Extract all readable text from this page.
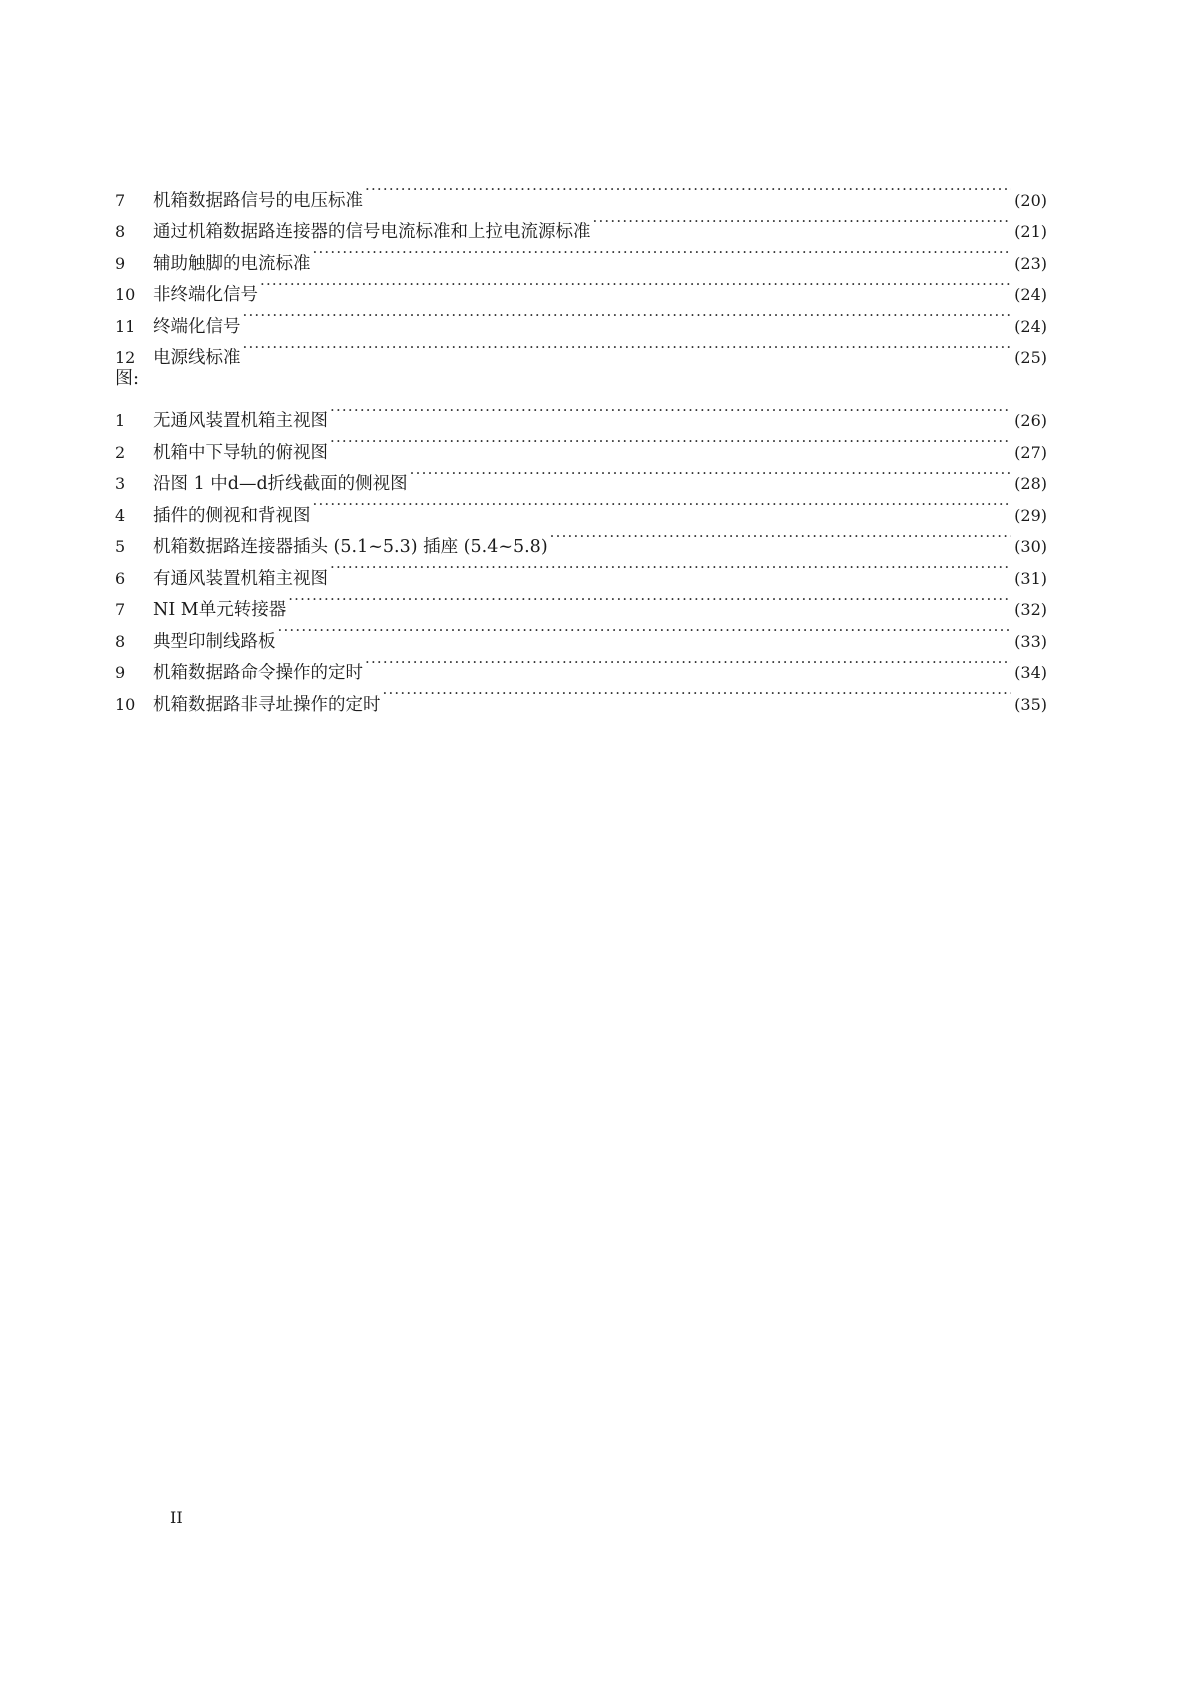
7	机箱数据路信号的电压标准 ·····	(20)
8	通过机箱数据路连接器的信号电流标准和上拉电流源标准 ·····	(21)
9	辅助触脚的电流标准 ·····	(23)
10	非终端化信号 ·····	(24)
11	终端化信号 ·····	(24)
12	电源线标准 ·····	(25)
图:
1	无通风装置机箱主视图 ·····	(26)
2	机箱中下导轨的俯视图 ·····	(27)
3	沿图 1 中d—d折线截面的侧视图 ·····	(28)
4	插件的侧视和背视图 ·····	(29)
5	机箱数据路连接器插头 (5.1~5.3) 插座 (5.4~5.8) ·····	(30)
6	有通风装置机箱主视图 ·····	(31)
7	NI M单元转接器 ·····	(32)
8	典型印制线路板 ·····	(33)
9	机箱数据路命令操作的定时 ·····	(34)
10	机箱数据路非寻址操作的定时 ·····	(35)
II
